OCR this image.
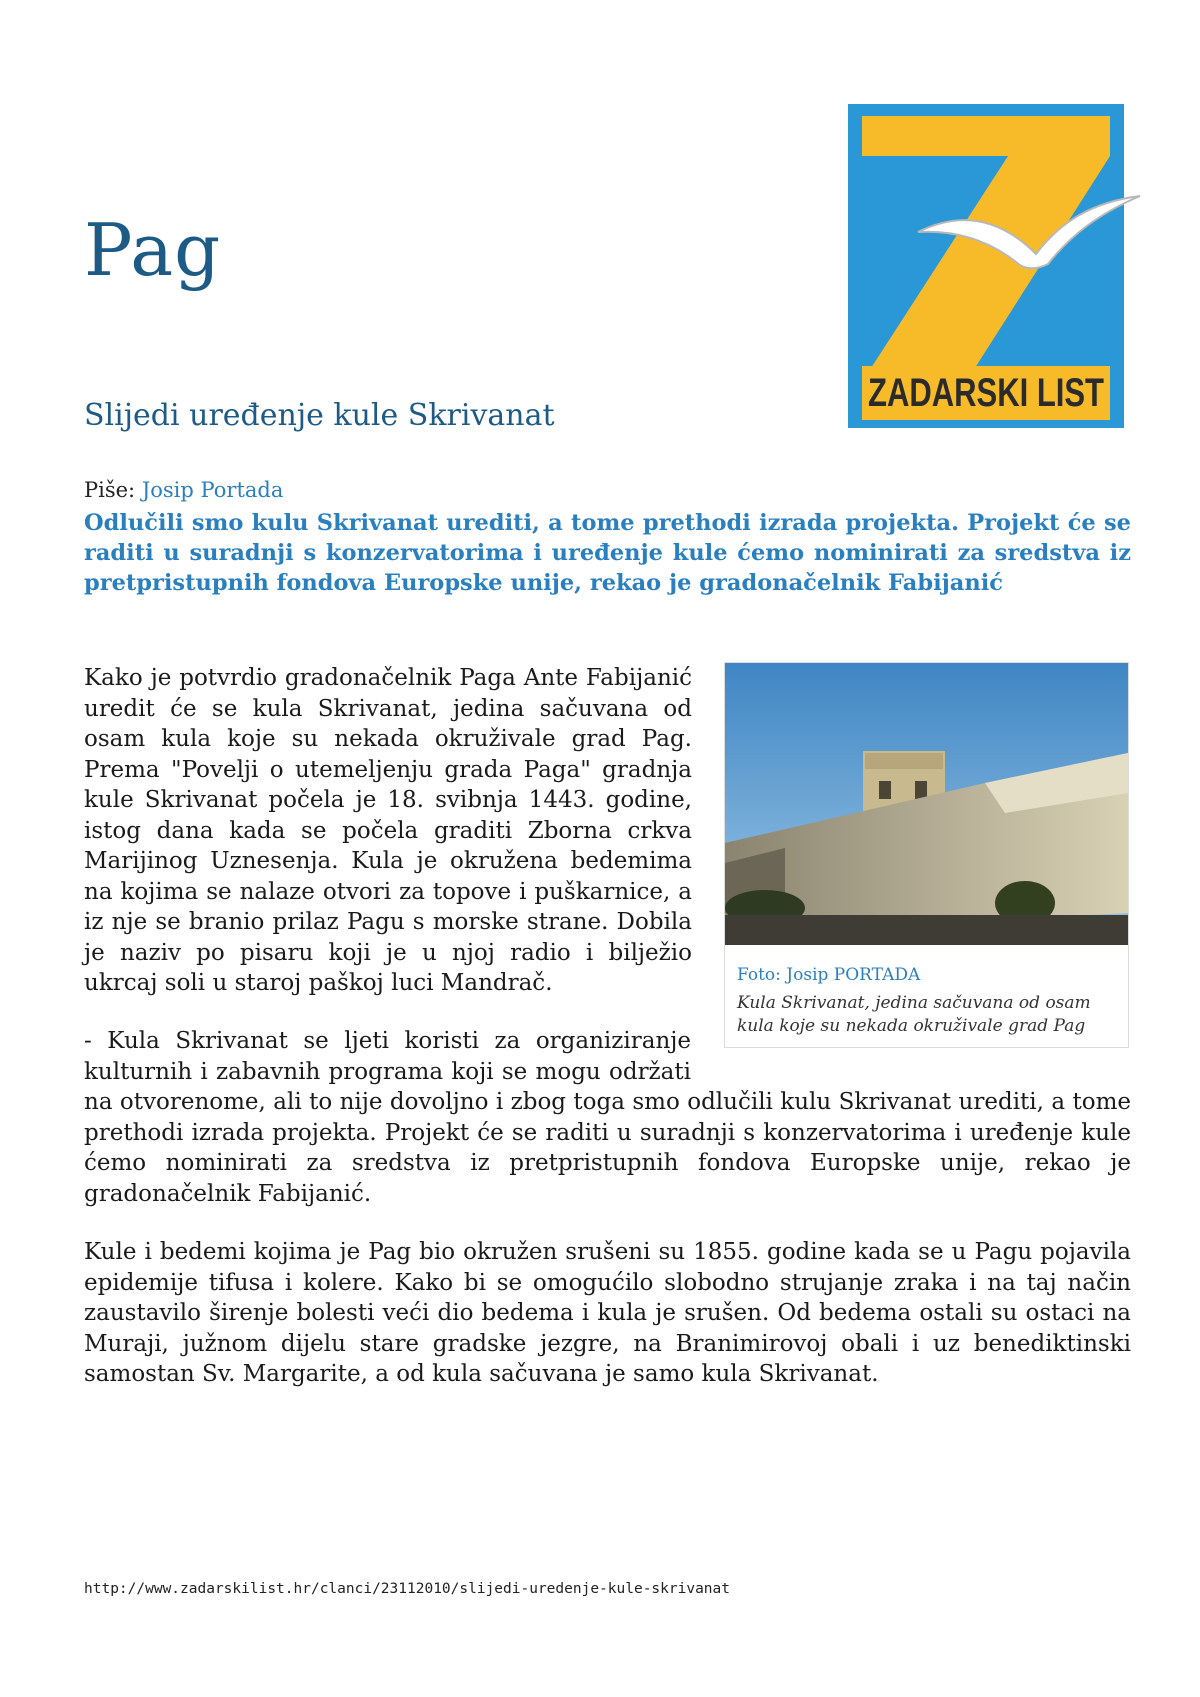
Pag
ZADARSKI LIST
Slijedi uređenje kule Skrivanat
Piše: Josip Portada

Odlučili smo kulu Skrivanat urediti, a tome prethodi izrada projekta. Projekt će se raditi u suradnji s konzervatorima i uređenje kule ćemo nominirati za sredstva iz pretpristupnih fondova Europske unije, rekao je gradonačelnik Fabijanić

Kako je potvrdio gradonačelnik Paga Ante Fabijanić uredit će se kula Skrivanat, jedina sačuvana od osam kula koje su nekada okruživale grad Pag. Prema "Povelji o utemeljenju grada Paga" gradnja kule Skrivanat počela je 18. svibnja 1443. godine, istog dana kada se počela graditi Zborna crkva Marijinog Uznesenja. Kula je okružena bedemima na kojima se nalaze otvori za topove i puškarnice, a iz nje se branio prilaz Pagu s morske strane. Dobila je naziv po pisaru koji je u njoj radio i bilježio ukrcaj soli u staroj paškoj luci Mandrač.	Foto: Josip PORTADA
Kula Skrivanat, jedina sačuvana od osam kula koje su nekada okruživale grad Pag

- Kula Skrivanat se ljeti koristi za organiziranje kulturnih i zabavnih programa koji se mogu održati na otvorenome, ali to nije dovoljno i zbog toga smo odlučili kulu Skrivanat urediti, a tome prethodi izrada projekta. Projekt će se raditi u suradnji s konzervatorima i uređenje kule ćemo nominirati za sredstva iz pretpristupnih fondova Europske unije, rekao je gradonačelnik Fabijanić.

Kule i bedemi kojima je Pag bio okružen srušeni su 1855. godine kada se u Pagu pojavila epidemije tifusa i kolere. Kako bi se omogućilo slobodno strujanje zraka i na taj način zaustavilo širenje bolesti veći dio bedema i kula je srušen. Od bedema ostali su ostaci na Muraji, južnom dijelu stare gradske jezgre, na Branimirovoj obali i uz benediktinski samostan Sv. Margarite, a od kula sačuvana je samo kula Skrivanat.

http://www.zadarskilist.hr/clanci/23112010/slijedi-uredenje-kule-skrivanat
